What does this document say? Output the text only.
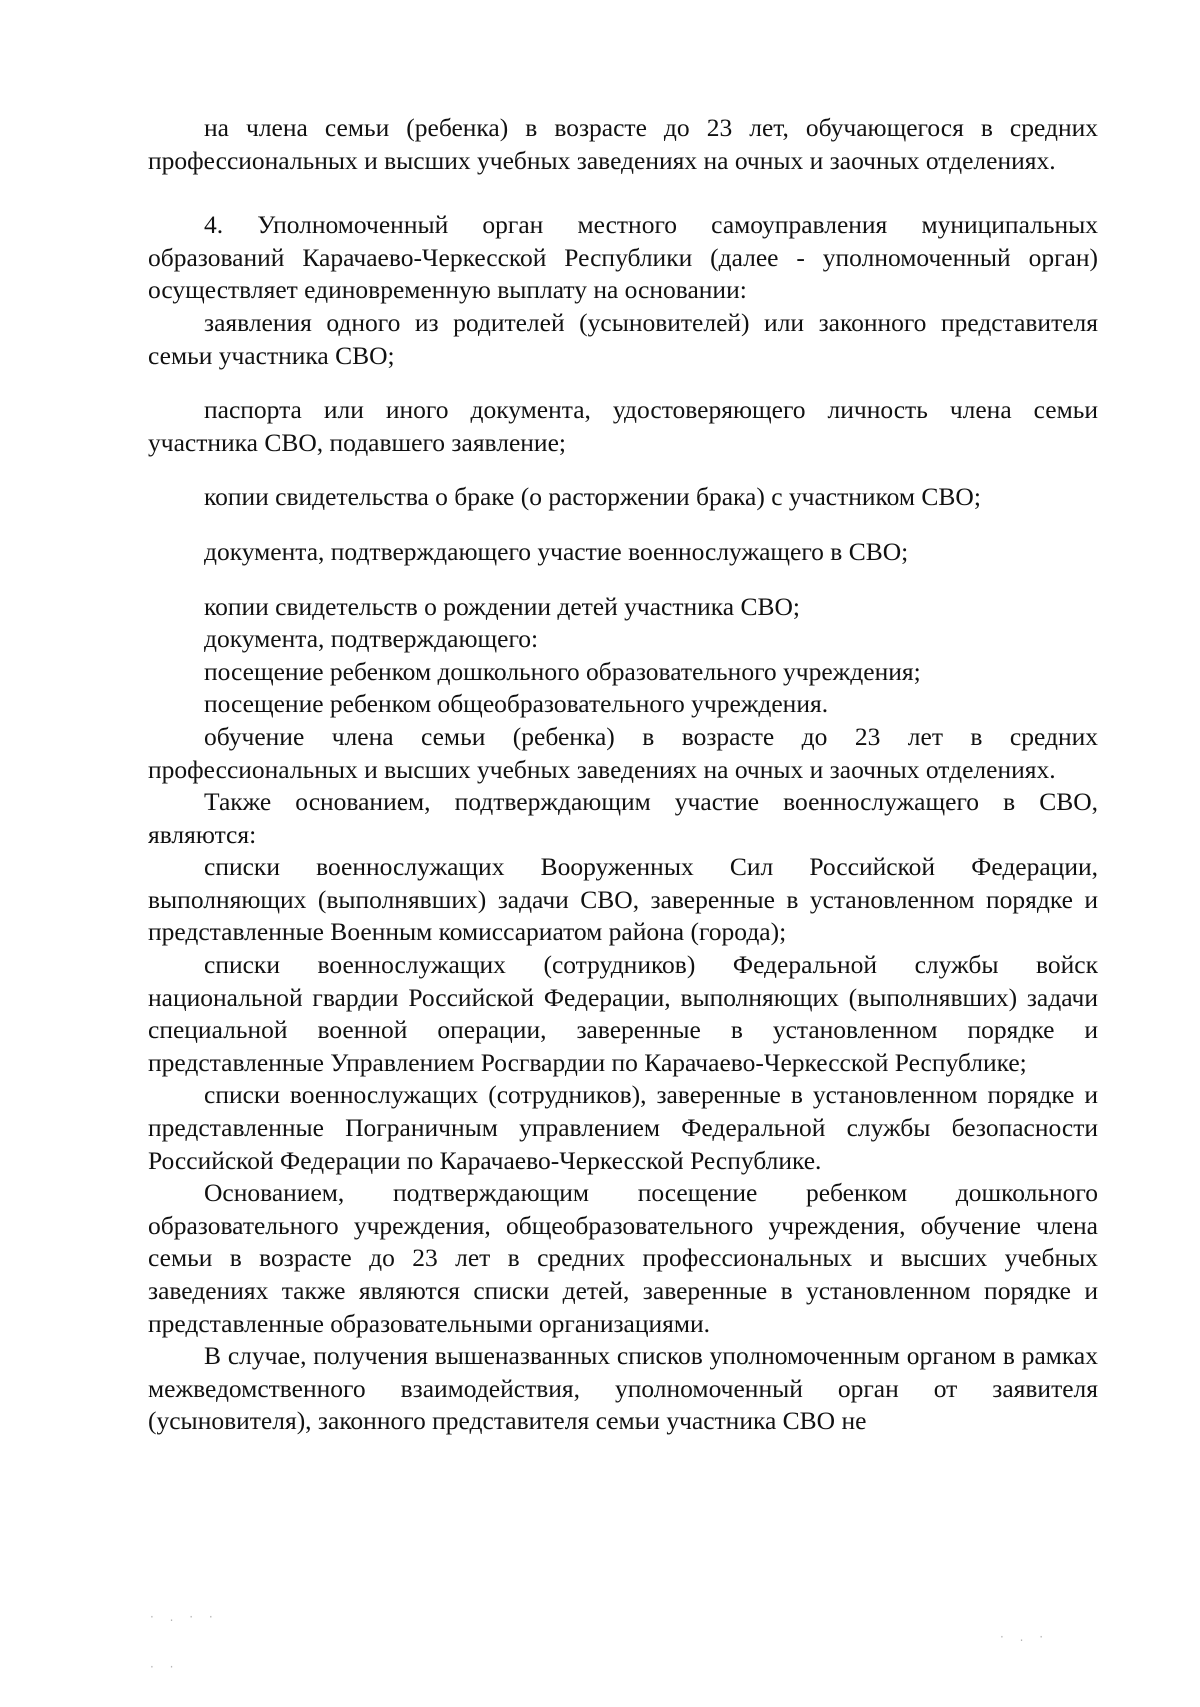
на члена семьи (ребенка) в возрасте до 23 лет, обучающегося в средних профессиональных и высших учебных заведениях на очных и заочных отделениях.

4. Уполномоченный орган местного самоуправления муниципальных образований Карачаево-Черкесской Республики (далее - уполномоченный орган) осуществляет единовременную выплату на основании:

заявления одного из родителей (усыновителей) или законного представителя семьи участника СВО;

паспорта или иного документа, удостоверяющего личность члена семьи участника СВО, подавшего заявление;

копии свидетельства о браке (о расторжении брака) с участником СВО;

документа, подтверждающего участие военнослужащего в СВО;

копии свидетельств о рождении детей участника СВО;

документа, подтверждающего:

посещение ребенком дошкольного образовательного учреждения;

посещение ребенком общеобразовательного учреждения.

обучение члена семьи (ребенка) в возрасте до 23 лет в средних профессиональных и высших учебных заведениях на очных и заочных отделениях.

Также основанием, подтверждающим участие военнослужащего в СВО, являются:

списки военнослужащих Вооруженных Сил Российской Федерации, выполняющих (выполнявших) задачи СВО, заверенные в установленном порядке и представленные Военным комиссариатом района (города);

списки военнослужащих (сотрудников) Федеральной службы войск национальной гвардии Российской Федерации, выполняющих (выполнявших) задачи специальной военной операции, заверенные в установленном порядке и представленные Управлением Росгвардии по Карачаево-Черкесской Республике;

списки военнослужащих (сотрудников), заверенные в установленном порядке и представленные Пограничным управлением Федеральной службы безопасности Российской Федерации по Карачаево-Черкесской Республике.

Основанием, подтверждающим посещение ребенком дошкольного образовательного учреждения, общеобразовательного учреждения, обучение члена семьи в возрасте до 23 лет в средних профессиональных и высших учебных заведениях также являются списки детей, заверенные в установленном порядке и представленные образовательными организациями.

В случае, получения вышеназванных списков уполномоченным органом в рамках межведомственного взаимодействия, уполномоченный орган от заявителя (усыновителя), законного представителя семьи участника СВО не

· . · ·
· . ·
· ·
